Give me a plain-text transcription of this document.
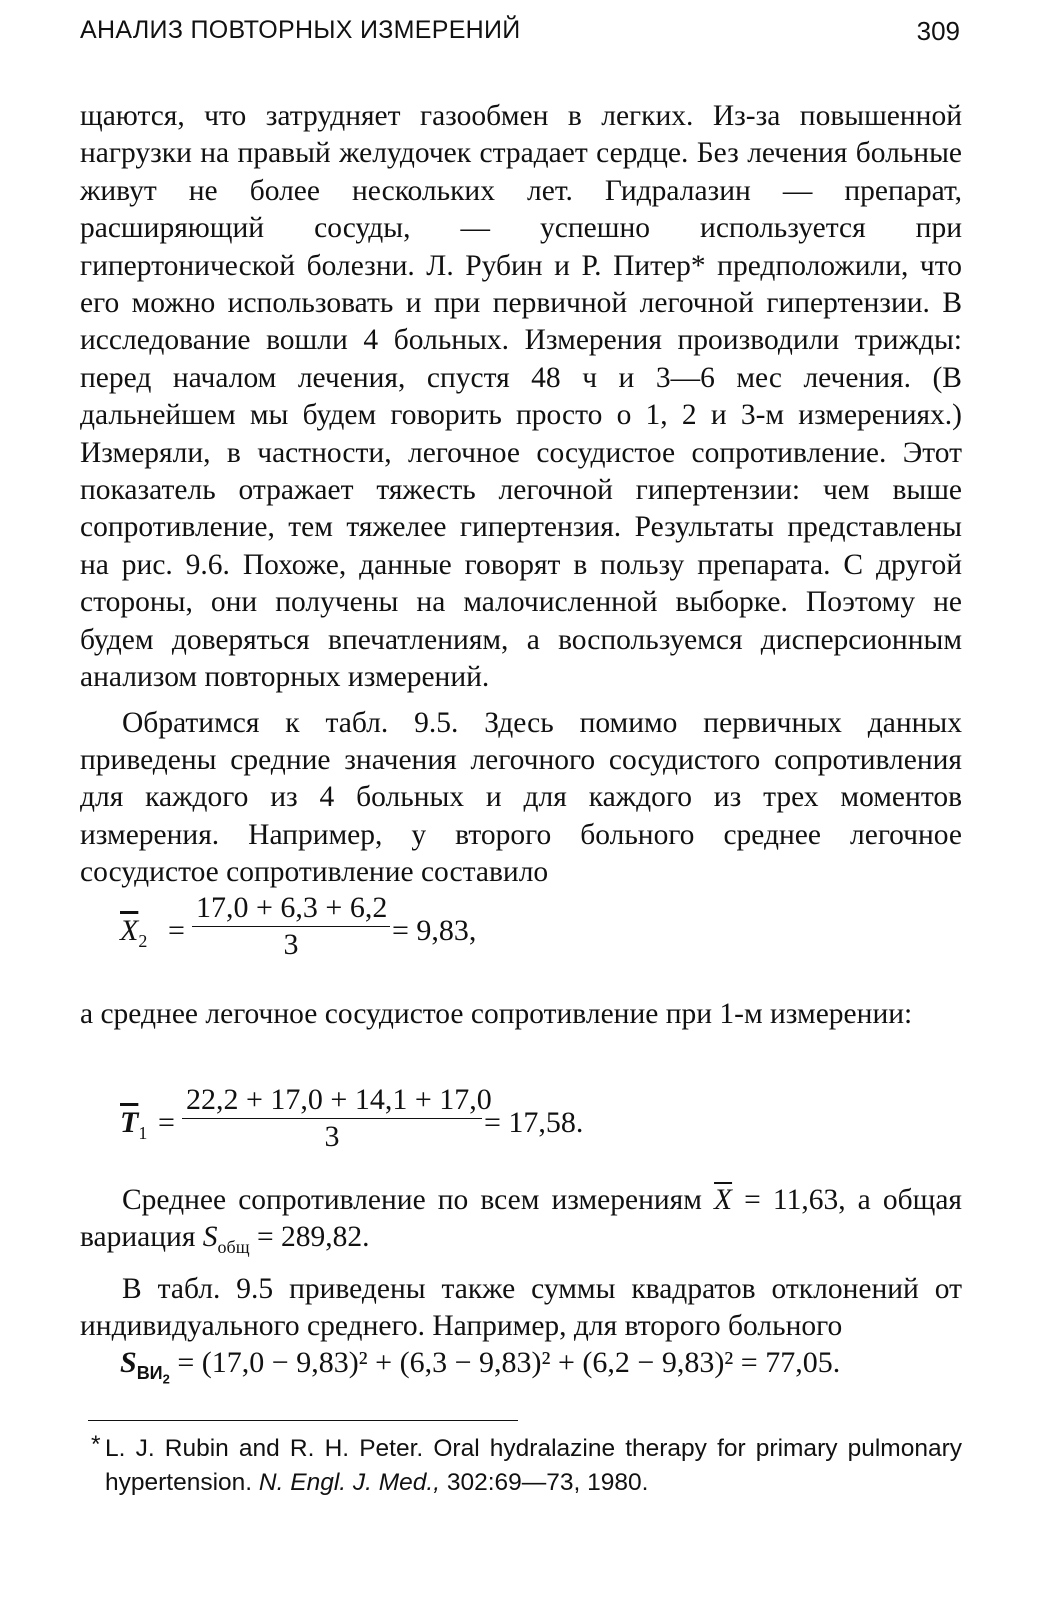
АНАЛИЗ ПОВТОРНЫХ ИЗМЕРЕНИЙ	309

щаются, что затрудняет газообмен в легких. Из-за повышенной нагрузки на правый желудочек страдает сердце. Без лечения больные живут не более нескольких лет. Гидралазин — препарат, расширяющий сосуды, — успешно используется при гипертонической болезни. Л. Рубин и Р. Питер* предположили, что его можно использовать и при первичной легочной гипертензии. В исследование вошли 4 больных. Измерения производили трижды: перед началом лечения, спустя 48 ч и 3—6 мес лечения. (В дальнейшем мы будем говорить просто о 1, 2 и 3-м измерениях.) Измеряли, в частности, легочное сосудистое сопротивление. Этот показатель отражает тяжесть легочной гипертензии: чем выше сопротивление, тем тяжелее гипертензия. Результаты представлены на рис. 9.6. Похоже, данные говорят в пользу препарата. С другой стороны, они получены на малочисленной выборке. Поэтому не будем доверяться впечатлениям, а воспользуемся дисперсионным анализом повторных измерений.

Обратимся к табл. 9.5. Здесь помимо первичных данных приведены средние значения легочного сосудистого сопротивления для каждого из 4 больных и для каждого из трех моментов измерения. Например, у второго больного среднее легочное сосудистое сопротивление составило

$\overline{X}_2 = \frac{17,0 + 6,3 + 6,2}{3} = 9,83$,

а среднее легочное сосудистое сопротивление при 1-м измерении:

$\overline{T}_1 = \frac{22,2 + 17,0 + 14,1 + 17,0}{3} = 17,58$.

Среднее сопротивление по всем измерениям $\overline{X} = 11,63$, а общая вариация $S_{общ} = 289,82$.

В табл. 9.5 приведены также суммы квадратов отклонений от индивидуального среднего. Например, для второго больного

$S_{ВИ_2} = (17,0 - 9,83)^2 + (6,3 - 9,83)^2 + (6,2 - 9,83)^2 = 77,05$.
* L. J. Rubin and R. H. Peter. Oral hydralazine therapy for primary pulmonary hypertension. N. Engl. J. Med., 302:69—73, 1980.
